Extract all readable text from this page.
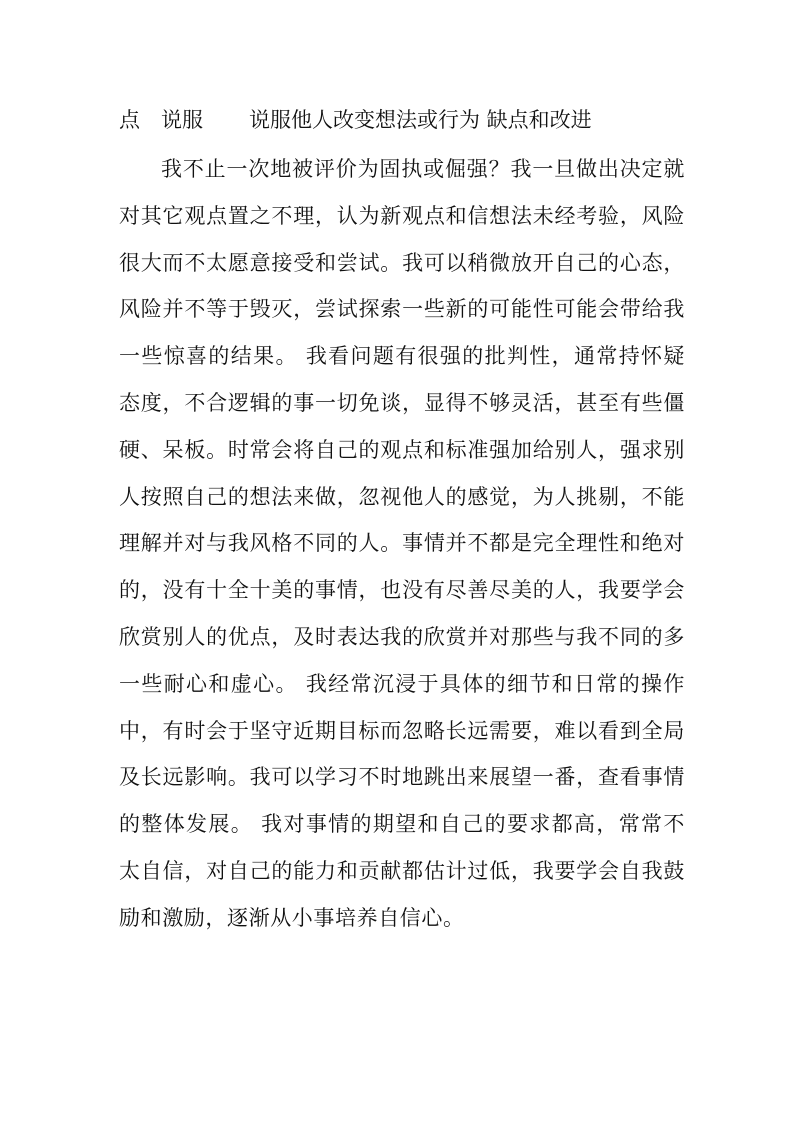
点 说服 说服他人改变想法或行为 缺点和改进

我不止一次地被评价为固执或倔强？我一旦做出决定就对其它观点置之不理，认为新观点和信想法未经考验，风险很大而不太愿意接受和尝试。我可以稍微放开自己的心态，风险并不等于毁灭，尝试探索一些新的可能性可能会带给我一些惊喜的结果。 我看问题有很强的批判性，通常持怀疑态度，不合逻辑的事一切免谈，显得不够灵活，甚至有些僵硬、呆板。时常会将自己的观点和标准强加给别人，强求别人按照自己的想法来做，忽视他人的感觉，为人挑剔，不能理解并对与我风格不同的人。事情并不都是完全理性和绝对的，没有十全十美的事情，也没有尽善尽美的人，我要学会欣赏别人的优点，及时表达我的欣赏并对那些与我不同的多一些耐心和虚心。 我经常沉浸于具体的细节和日常的操作中，有时会于坚守近期目标而忽略长远需要，难以看到全局及长远影响。我可以学习不时地跳出来展望一番，查看事情的整体发展。 我对事情的期望和自己的要求都高，常常不太自信，对自己的能力和贡献都估计过低，我要学会自我鼓励和激励，逐渐从小事培养自信心。
